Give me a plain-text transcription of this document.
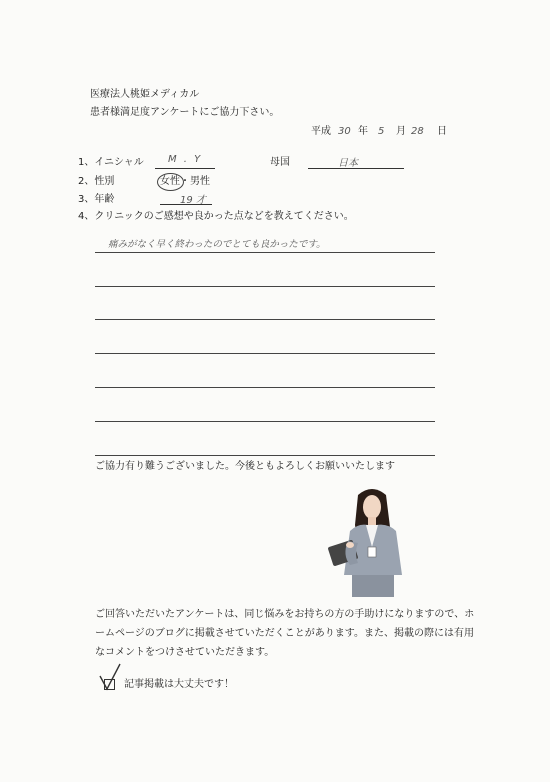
医療法人桃姫メディカル
患者様満足度アンケートにご協力下さい。
平成 30 年 5 月 28 日
1、イニシャル M . Y	母国	日本
2、性別	女性・男性
3、年齢	19 才
4、クリニックのご感想や良かった点などを教えてください。
痛みがなく早く終わったのでとても良かったです。
ご協力有り難うございました。今後ともよろしくお願いいたします
ご回答いただいたアンケートは、同じ悩みをお持ちの方の手助けになりますので、ホ
ームページのブログに掲載させていただくことがあります。また、掲載の際には有用
なコメントをつけさせていただきます。
記事掲載は大丈夫です！
